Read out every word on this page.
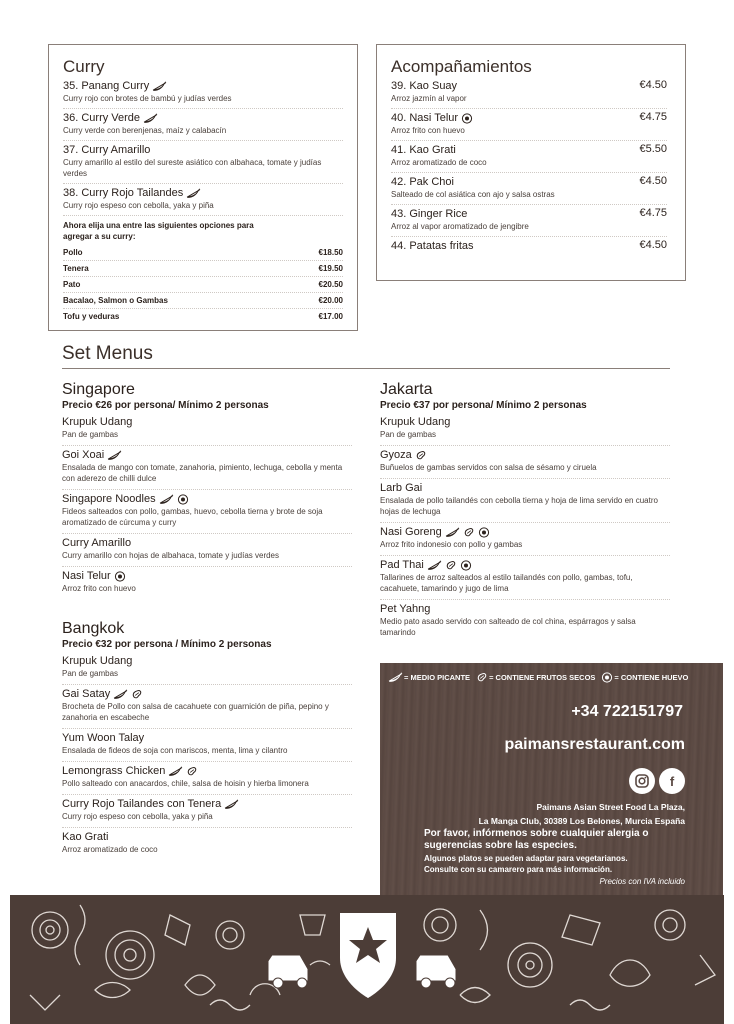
Curry
35. Panang Curry
Curry rojo con brotes de bambú y judías verdes
36. Curry Verde
Curry verde con berenjenas, maíz y calabacín
37. Curry Amarillo
Curry amarillo al estilo del sureste asiático con albahaca, tomate y judías verdes
38. Curry Rojo Tailandes
Curry rojo espeso con cebolla, yaka y piña
Ahora elija una entre las siguientes opciones para agregar a su curry:
Pollo	€18.50
Tenera	€19.50
Pato	€20.50
Bacalao, Salmon o Gambas	€20.00
Tofu y veduras	€17.00
Acompañamientos
39. Kao Suay	€4.50
Arroz jazmín al vapor
40. Nasi Telur	€4.75
Arroz frito con huevo
41. Kao Grati	€5.50
Arroz aromatizado de coco
42. Pak Choi	€4.50
Salteado de col asiática con ajo y salsa ostras
43. Ginger Rice	€4.75
Arroz al vapor aromatizado de jengibre
44. Patatas fritas	€4.50
Set Menus
Singapore
Precio €26 por persona/ Mínimo 2 personas
Krupuk Udang
Pan de gambas
Goi Xoai
Ensalada de mango con tomate, zanahoria, pimiento, lechuga, cebolla y menta con aderezo de chilli dulce
Singapore Noodles
Fideos salteados con pollo, gambas, huevo, cebolla tierna y brote de soja aromatizado de cúrcuma y curry
Curry Amarillo
Curry amarillo con hojas de albahaca, tomate y judías verdes
Nasi Telur
Arroz frito con huevo
Bangkok
Precio €32 por persona / Mínimo 2 personas
Krupuk Udang
Pan de gambas
Gai Satay
Brocheta de Pollo con salsa de cacahuete con guarnición de piña, pepino y zanahoria en escabeche
Yum Woon Talay
Ensalada de fideos de soja con mariscos, menta, lima y cilantro
Lemongrass Chicken
Pollo salteado con anacardos, chile, salsa de hoisin y hierba limonera
Curry Rojo Tailandes con Tenera
Curry rojo espeso con cebolla, yaka y piña
Kao Grati
Arroz aromatizado de coco
Jakarta
Precio €37 por persona/ Mínimo 2 personas
Krupuk Udang
Pan de gambas
Gyoza
Buñuelos de gambas servidos con salsa de sésamo y ciruela
Larb Gai
Ensalada de pollo tailandés con cebolla tierna y hoja de lima servido en cuatro hojas de lechuga
Nasi Goreng
Arroz frito indonesio con pollo y gambas
Pad Thai
Tallarines de arroz salteados al estilo tailandés con pollo, gambas, tofu, cacahuete, tamarindo y jugo de lima
Pet Yahng
Medio pato asado servido con salteado de col china, espárragos y salsa tamarindo
= MEDIO PICANTE	= CONTIENE FRUTOS SECOS	= CONTIENE HUEVO
+34 722151797
paimansrestaurant.com
f
Paimans Asian Street Food La Plaza,
La Manga Club, 30389 Los Belones, Murcia España
Por favor, infórmenos sobre cualquier alergia o sugerencias sobre las especies.
Algunos platos se pueden adaptar para vegetarianos.
Consulte con su camarero para más información.
Precios con IVA incluido
